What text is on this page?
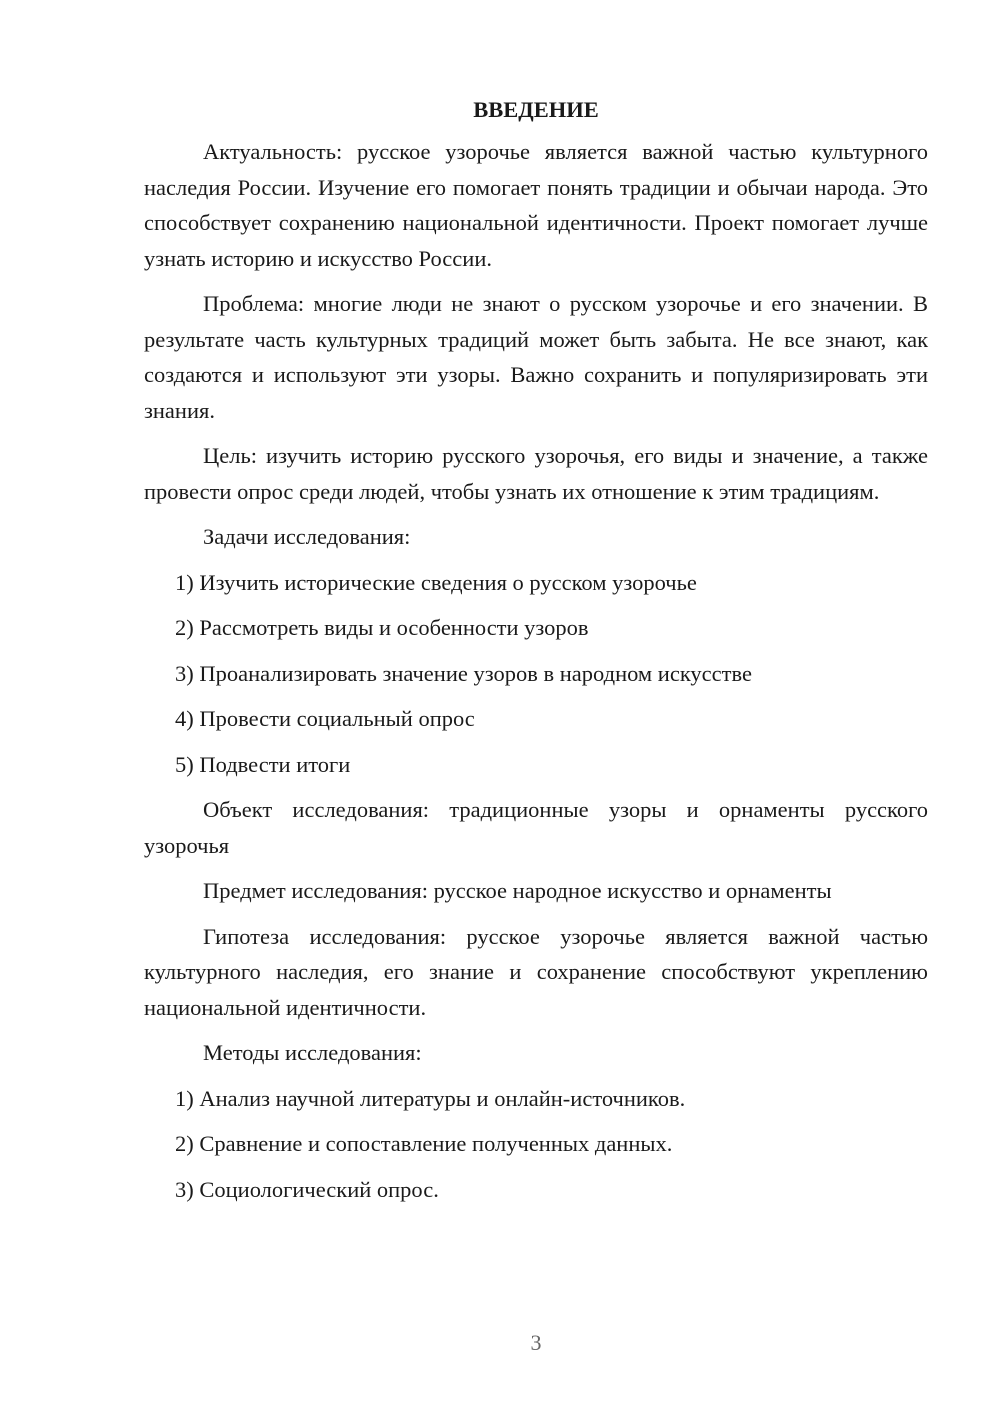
ВВЕДЕНИЕ

Актуальность: русское узорочье является важной частью культурного наследия России. Изучение его помогает понять традиции и обычаи народа. Это способствует сохранению национальной идентичности. Проект помогает лучше узнать историю и искусство России.

Проблема: многие люди не знают о русском узорочье и его значении. В результате часть культурных традиций может быть забыта. Не все знают, как создаются и используют эти узоры. Важно сохранить и популяризировать эти знания.

Цель: изучить историю русского узорочья, его виды и значение, а также провести опрос среди людей, чтобы узнать их отношение к этим традициям.

Задачи исследования:

1) Изучить исторические сведения о русском узорочье
2) Рассмотреть виды и особенности узоров
3) Проанализировать значение узоров в народном искусстве
4) Провести социальный опрос
5) Подвести итоги

Объект исследования: традиционные узоры и орнаменты русского узорочья

Предмет исследования: русское народное искусство и орнаменты

Гипотеза исследования: русское узорочье является важной частью культурного наследия, его знание и сохранение способствуют укреплению национальной идентичности.

Методы исследования:

1) Анализ научной литературы и онлайн-источников.
2) Сравнение и сопоставление полученных данных.
3) Социологический опрос.
3
